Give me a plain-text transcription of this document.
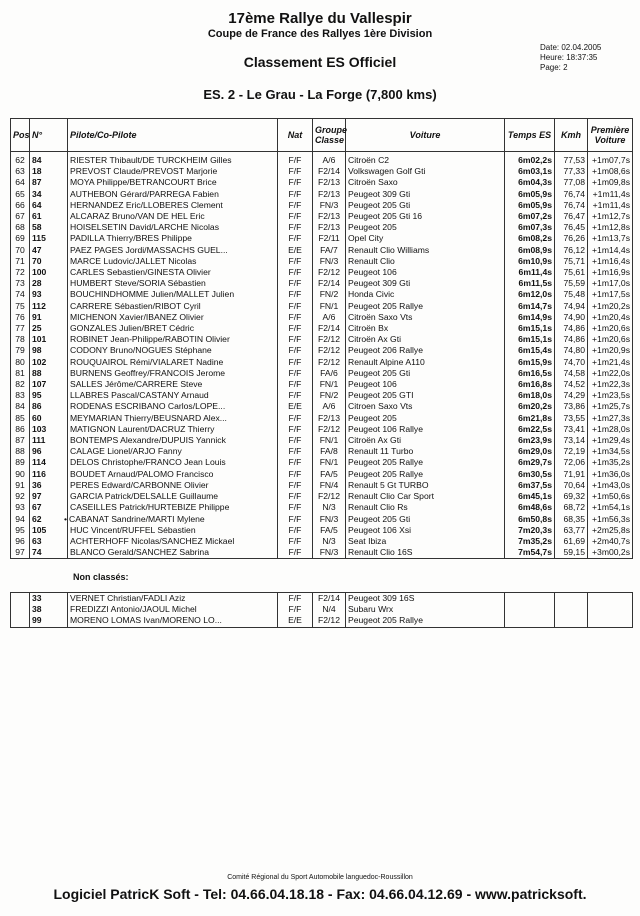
17ème Rallye du Vallespir
Coupe de France des Rallyes 1ère Division
Classement ES Officiel
Date: 02.04.2005
Heure: 18:37:35
Page: 2
ES. 2 - Le Grau - La Forge (7,800 kms)
Pos	N°	Pilote/Co-Pilote	Nat	Groupe Classe	Voiture	Temps ES	Kmh	Première Voiture
62	84	RIESTER Thibault/DE TURCKHEIM Gilles	F/F	A/6	Citroën C2	6m02,2s	77,53	+1m07,7s
63	18	PREVOST Claude/PREVOST Marjorie	F/F	F2/14	Volkswagen Golf Gti	6m03,1s	77,33	+1m08,6s
64	87	MOYA Philippe/BETRANCOURT Brice	F/F	F2/13	Citroën Saxo	6m04,3s	77,08	+1m09,8s
65	34	AUTHEBON Gérard/PARREGA Fabien	F/F	F2/13	Peugeot 309 Gti	6m05,9s	76,74	+1m11,4s
66	64	HERNANDEZ Eric/LLOBERES Clement	F/F	FN/3	Peugeot 205 Gti	6m05,9s	76,74	+1m11,4s
67	61	ALCARAZ Bruno/VAN DE HEL Eric	F/F	F2/13	Peugeot 205 Gti 16	6m07,2s	76,47	+1m12,7s
68	58	HOISELSETIN David/LARCHE Nicolas	F/F	F2/13	Peugeot 205	6m07,3s	76,45	+1m12,8s
69	115	PADILLA Thierry/BRES Philippe	F/F	F2/11	Opel City	6m08,2s	76,26	+1m13,7s
70	47	PAEZ PAGES Jordi/MASSACHS GUEL...	E/E	FA/7	Renault Clio Williams	6m08,9s	76,12	+1m14,4s
71	70	MARCE Ludovic/JALLET Nicolas	F/F	FN/3	Renault Clio	6m10,9s	75,71	+1m16,4s
72	100	CARLES Sebastien/GINESTA Olivier	F/F	F2/12	Peugeot 106	6m11,4s	75,61	+1m16,9s
73	28	HUMBERT Steve/SORIA Sébastien	F/F	F2/14	Peugeot 309 Gti	6m11,5s	75,59	+1m17,0s
74	93	BOUCHINDHOMME Julien/MALLET Julien	F/F	FN/2	Honda Civic	6m12,0s	75,48	+1m17,5s
75	112	CARRERE Sébastien/RIBOT Cyril	F/F	FN/1	Peugeot 205 Rallye	6m14,7s	74,94	+1m20,2s
76	91	MICHENON Xavier/IBANEZ Olivier	F/F	A/6	Citroën Saxo Vts	6m14,9s	74,90	+1m20,4s
77	25	GONZALES Julien/BRET Cédric	F/F	F2/14	Citroën Bx	6m15,1s	74,86	+1m20,6s
78	101	ROBINET Jean-Philippe/RABOTIN Olivier	F/F	F2/12	Citroën Ax Gti	6m15,1s	74,86	+1m20,6s
79	98	CODONY Bruno/NOGUES Stéphane	F/F	F2/12	Peugeot 206 Rallye	6m15,4s	74,80	+1m20,9s
80	102	ROUQUAIROL Rémi/VIALARET Nadine	F/F	F2/12	Renault Alpine A110	6m15,9s	74,70	+1m21,4s
81	88	BURNENS Geoffrey/FRANCOIS Jerome	F/F	FA/6	Peugeot 205 Gti	6m16,5s	74,58	+1m22,0s
82	107	SALLES Jérôme/CARRERE Steve	F/F	FN/1	Peugeot 106	6m16,8s	74,52	+1m22,3s
83	95	LLABRES Pascal/CASTANY Arnaud	F/F	FN/2	Peugeot 205 GTI	6m18,0s	74,29	+1m23,5s
84	86	RODENAS ESCRIBANO Carlos/LOPE...	E/E	A/6	Citroen Saxo Vts	6m20,2s	73,86	+1m25,7s
85	60	MEYMARIAN Thierry/BEUSNARD Alex...	F/F	F2/13	Peugeot 205	6m21,8s	73,55	+1m27,3s
86	103	MATIGNON Laurent/DACRUZ Thierry	F/F	F2/12	Peugeot 106 Rallye	6m22,5s	73,41	+1m28,0s
87	111	BONTEMPS Alexandre/DUPUIS Yannick	F/F	FN/1	Citroën Ax Gti	6m23,9s	73,14	+1m29,4s
88	96	CALAGE Lionel/ARJO Fanny	F/F	FA/8	Renault 11 Turbo	6m29,0s	72,19	+1m34,5s
89	114	DELOS Christophe/FRANCO Jean Louis	F/F	FN/1	Peugeot 205 Rallye	6m29,7s	72,06	+1m35,2s
90	116	BOUDET Arnaud/PALOMO Francisco	F/F	FA/5	Peugeot 205 Rallye	6m30,5s	71,91	+1m36,0s
91	36	PERES Edward/CARBONNE Olivier	F/F	FN/4	Renault 5 Gt TURBO	6m37,5s	70,64	+1m43,0s
92	97	GARCIA Patrick/DELSALLE Guillaume	F/F	F2/12	Renault Clio Car Sport	6m45,1s	69,32	+1m50,6s
93	67	CASEILLES Patrick/HURTEBIZE Philippe	F/F	N/3	Renault Clio Rs	6m48,6s	68,72	+1m54,1s
94	62	• CABANAT Sandrine/MARTI Mylene	F/F	FN/3	Peugeot 205 Gti	6m50,8s	68,35	+1m56,3s
95	105	HUC Vincent/RUFFEL Sébastien	F/F	FA/5	Peugeot 106 Xsi	7m20,3s	63,77	+2m25,8s
96	63	ACHTERHOFF Nicolas/SANCHEZ Mickael	F/F	N/3	Seat Ibiza	7m35,2s	61,69	+2m40,7s
97	74	BLANCO Gerald/SANCHEZ Sabrina	F/F	FN/3	Renault Clio 16S	7m54,7s	59,15	+3m00,2s
Non classés:
	33	VERNET Christian/FADLI Aziz	F/F	F2/14	Peugeot 309 16S			
	38	FREDIZZI Antonio/JAOUL Michel	F/F	N/4	Subaru Wrx			
	99	MORENO LOMAS Ivan/MORENO LO...	E/E	F2/12	Peugeot 205 Rallye			
Comité Régional du Sport Automobile languedoc-Roussillon
Logiciel PatricK Soft - Tel: 04.66.04.18.18 - Fax: 04.66.04.12.69 - www.patricksoft.
